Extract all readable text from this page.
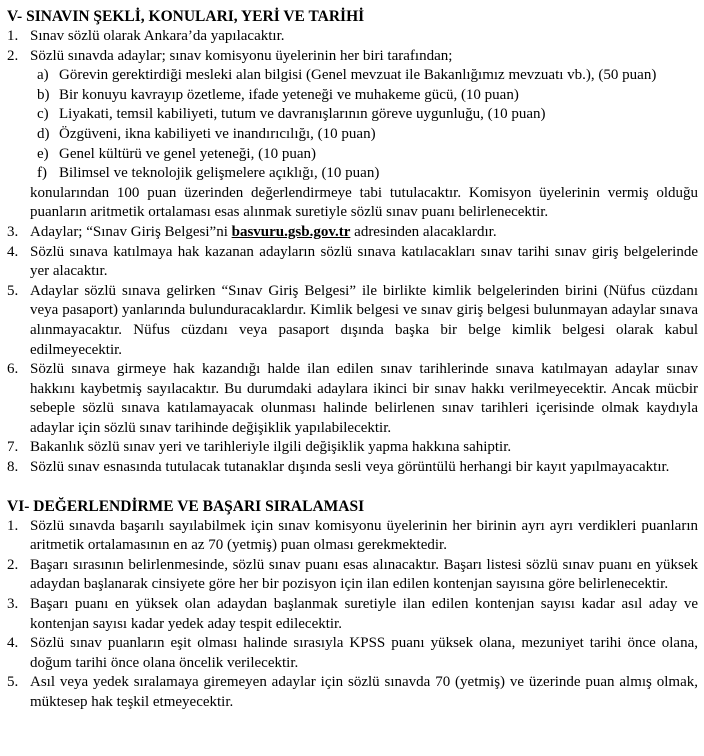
V- SINAVIN ŞEKLİ, KONULARI, YERİ VE TARİHİ
1. Sınav sözlü olarak Ankara’da yapılacaktır.
2. Sözlü sınavda adaylar; sınav komisyonu üyelerinin her biri tarafından;
a) Görevin gerektirdiği mesleki alan bilgisi (Genel mevzuat ile Bakanlığımız mevzuatı vb.), (50 puan)
b) Bir konuyu kavrayıp özetleme, ifade yeteneği ve muhakeme gücü, (10 puan)
c) Liyakati, temsil kabiliyeti, tutum ve davranışlarının göreve uygunluğu, (10 puan)
d) Özgüveni, ikna kabiliyeti ve inandırıcılığı, (10 puan)
e) Genel kültürü ve genel yeteneği, (10 puan)
f) Bilimsel ve teknolojik gelişmelere açıklığı, (10 puan)
konularından 100 puan üzerinden değerlendirmeye tabi tutulacaktır. Komisyon üyelerinin vermiş olduğu puanların aritmetik ortalaması esas alınmak suretiyle sözlü sınav puanı belirlenecektir.
3. Adaylar; “Sınav Giriş Belgesi”ni basvuru.gsb.gov.tr adresinden alacaklardır.
4. Sözlü sınava katılmaya hak kazanan adayların sözlü sınava katılacakları sınav tarihi sınav giriş belgelerinde yer alacaktır.
5. Adaylar sözlü sınava gelirken “Sınav Giriş Belgesi” ile birlikte kimlik belgelerinden birini (Nüfus cüzdanı veya pasaport) yanlarında bulunduracaklardır. Kimlik belgesi ve sınav giriş belgesi bulunmayan adaylar sınava alınmayacaktır. Nüfus cüzdanı veya pasaport dışında başka bir belge kimlik belgesi olarak kabul edilmeyecektir.
6. Sözlü sınava girmeye hak kazandığı halde ilan edilen sınav tarihlerinde sınava katılmayan adaylar sınav hakkını kaybetmiş sayılacaktır. Bu durumdaki adaylara ikinci bir sınav hakkı verilmeyecektir. Ancak mücbir sebeple sözlü sınava katılamayacak olunması halinde belirlenen sınav tarihleri içerisinde olmak kaydıyla adaylar için sözlü sınav tarihinde değişiklik yapılabilecektir.
7. Bakanlık sözlü sınav yeri ve tarihleriyle ilgili değişiklik yapma hakkına sahiptir.
8. Sözlü sınav esnasında tutulacak tutanaklar dışında sesli veya görüntülü herhangi bir kayıt yapılmayacaktır.
VI- DEĞERLENDİRME VE BAŞARI SIRALAMASI
1. Sözlü sınavda başarılı sayılabilmek için sınav komisyonu üyelerinin her birinin ayrı ayrı verdikleri puanların aritmetik ortalamasının en az 70 (yetmiş) puan olması gerekmektedir.
2. Başarı sırasının belirlenmesinde, sözlü sınav puanı esas alınacaktır. Başarı listesi sözlü sınav puanı en yüksek adaydan başlanarak cinsiyete göre her bir pozisyon için ilan edilen kontenjan sayısına göre belirlenecektir.
3. Başarı puanı en yüksek olan adaydan başlanmak suretiyle ilan edilen kontenjan sayısı kadar asıl aday ve kontenjan sayısı kadar yedek aday tespit edilecektir.
4. Sözlü sınav puanların eşit olması halinde sırasıyla KPSS puanı yüksek olana, mezuniyet tarihi önce olana, doğum tarihi önce olana öncelik verilecektir.
5. Asıl veya yedek sıralamaya giremeyen adaylar için sözlü sınavda 70 (yetmiş) ve üzerinde puan almış olmak, müktesep hak teşkil etmeyecektir.
